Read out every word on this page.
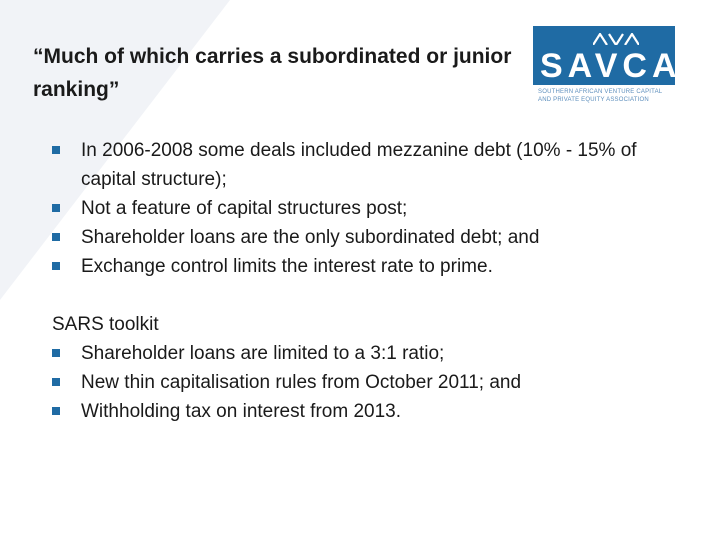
“Much of which carries a subordinated or junior ranking”
SAVCA
SOUTHERN AFRICAN VENTURE CAPITAL
AND PRIVATE EQUITY ASSOCIATION
In 2006-2008 some deals included mezzanine debt (10% - 15% of capital structure);
Not a feature of capital structures post;
Shareholder loans are the only subordinated debt; and
Exchange control limits the interest rate to prime.
SARS toolkit
Shareholder loans are limited to a 3:1 ratio;
New thin capitalisation rules from October 2011; and
Withholding tax on interest from 2013.
